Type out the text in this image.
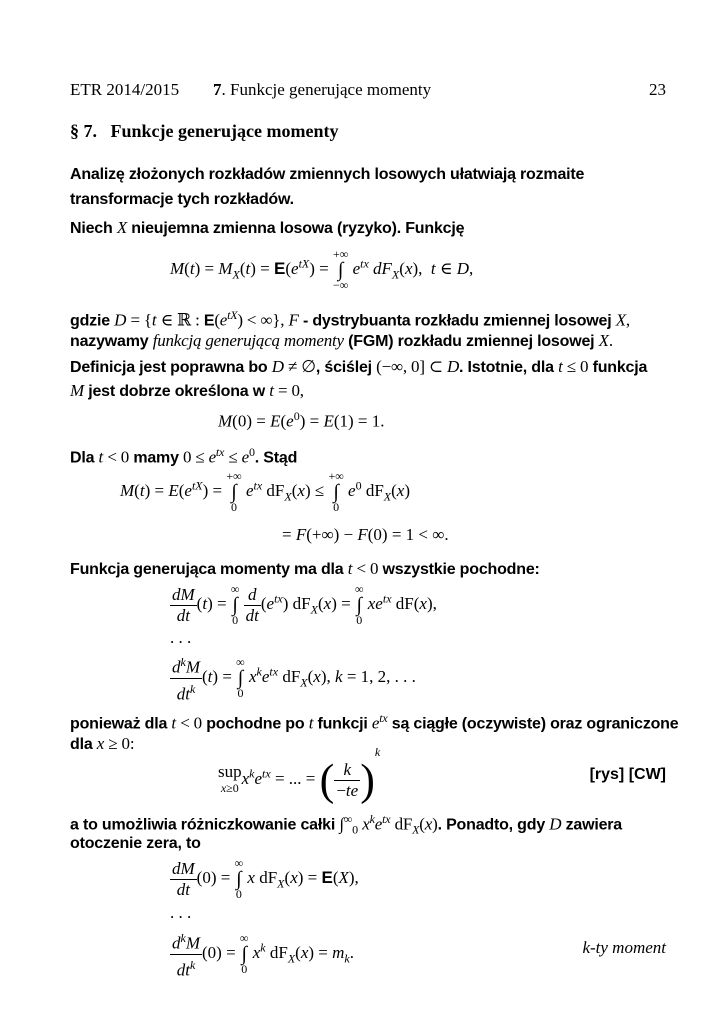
ETR 2014/2015 7. Funkcje generujące momenty	23
§ 7. Funkcje generujące momenty
Analizę złożonych rozkładów zmiennych losowych ułatwiają rozmaite transformacje tych rozkładów.
Niech X nieujemna zmienna losowa (ryzyko). Funkcję
$M(t) = M_X(t) = E(e^{tX})$ =
+∞
∫
−∞
$e^{tx}$ $dF_X(x)$,  t ∈ D,
gdzie D = {t ∈ ℝ : $E(e^{tX})$ < ∞}, F - dystrybuanta rozkładu zmiennej losowej X,
nazywamy funkcją generującą momenty (FGM) rozkładu zmiennej losowej X.
Definicja jest poprawna bo D ≠ ∅, ściślej (−∞, 0] ⊂ D. Istotnie, dla t ≤ 0 funkcja
M jest dobrze określona w t = 0,
$M(0) = E(e^0) = E(1) = 1$.
Dla t < 0 mamy $0 \le e^{tx} \le e^0$. Stąd
$M(t) = E(e^{tX})$ =
+∞
∫
0
$e^{tx}$ $dF_X(x)$ ≤
+∞
∫
0
$e^0$ $dF_X(x)$
= F(+∞) − F(0) = 1 < ∞.
Funkcja generująca momenty ma dla t < 0 wszystkie pochodne:
$\frac{dM}{dt} (t)$ =
∞
∫
0
$\frac{d}{dt} (e^{tx}) dF_X(x)$ =
∞
∫
0
$xe^{tx}$ dF(x),
. . .
$\frac{d^kM}{dt^k} (t)$ =
∞
∫
0
$x^ke^{tx}$ $dF_X(x)$, k = 1, 2, . . .
ponieważ dla t < 0 pochodne po t funkcji $e^{tx}$ są ciągłe (oczywiste) oraz ograniczone
dla x ≥ 0:
sup
x≥0
$x^ke^{tx}$ = ... = ( $\frac{k}{-te} )^k$
[rys] [CW]
a to umożliwia różniczkowanie całki $\int^\infty_0$ $x^ke^{tx}$ $dF_X(x)$. Ponadto, gdy D zawiera
otoczenie zera, to
$\frac{dM}{dt} (0)$ =
∞
∫
0
x $dF_X(x) = E(X)$,
. . .
$\frac{d^kM}{dt^k} (0)$ =
∞
∫
0
$x^k$ $dF_X(x) = m_k$.	k-ty moment
